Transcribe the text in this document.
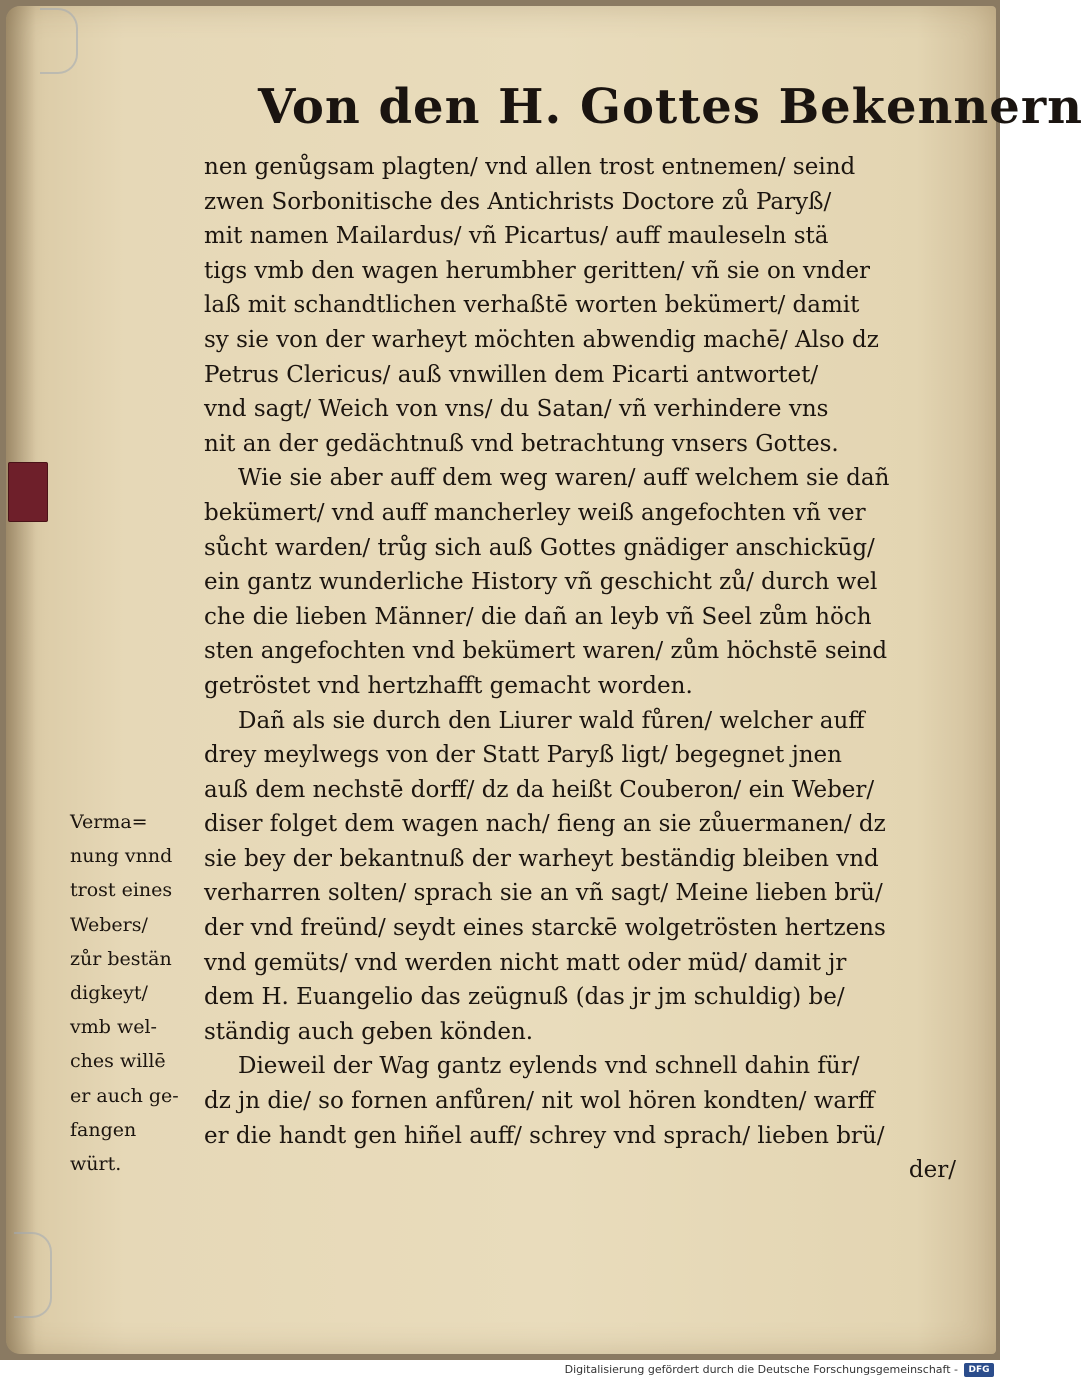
Von den H. Gottes Bekennern
nen genůgsam plagten/ vnd allen trost entnemen/ seind
zwen Sorbonitische des Antichrists Doctore zů Paryß/
mit namen Mailardus/ vñ Picartus/ auff mauleseln stä
tigs vmb den wagen herumbher geritten/ vñ sie on vnder
laß mit schandtlichen verhaßtē worten bekümert/ damit
sy sie von der warheyt möchten abwendig machē/ Also dz
Petrus Clericus/ auß vnwillen dem Picarti antwortet/
vnd sagt/ Weich von vns/ du Satan/ vñ verhindere vns
nit an der gedächtnuß vnd betrachtung vnsers Gottes.
Wie sie aber auff dem weg waren/ auff welchem sie dañ
bekümert/ vnd auff mancherley weiß angefochten vñ ver
sůcht warden/ trůg sich auß Gottes gnädiger anschickūg/
ein gantz wunderliche History vñ geschicht zů/ durch wel
che die lieben Männer/ die dañ an leyb vñ Seel zům höch
sten angefochten vnd bekümert waren/ zům höchstē seind
getröstet vnd hertzhafft gemacht worden.
Dañ als sie durch den Liurer wald fůren/ welcher auff
drey meylwegs von der Statt Paryß ligt/ begegnet jnen
auß dem nechstē dorff/ dz da heißt Couberon/ ein Weber/
diser folget dem wagen nach/ fieng an sie zůuermanen/ dz
sie bey der bekantnuß der warheyt beständig bleiben vnd
verharren solten/ sprach sie an vñ sagt/ Meine lieben brü/
der vnd freünd/ seydt eines starckē wolgetrösten hertzens
vnd gemüts/ vnd werden nicht matt oder müd/ damit jr
dem H. Euangelio das zeügnuß (das jr jm schuldig) be/
ständig auch geben könden.
Dieweil der Wag gantz eylends vnd schnell dahin für/
dz jn die/ so fornen anfůren/ nit wol hören kondten/ warff
er die handt gen hiñel auff/ schrey vnd sprach/ lieben brü/
der/
Verma=
nung vnnd
trost eines
Webers/
zůr bestän
digkeyt/
vmb wel-
ches willē
er auch ge-
fangen
würt.
Digitalisierung gefördert durch die Deutsche Forschungsgemeinschaft -	DFG
